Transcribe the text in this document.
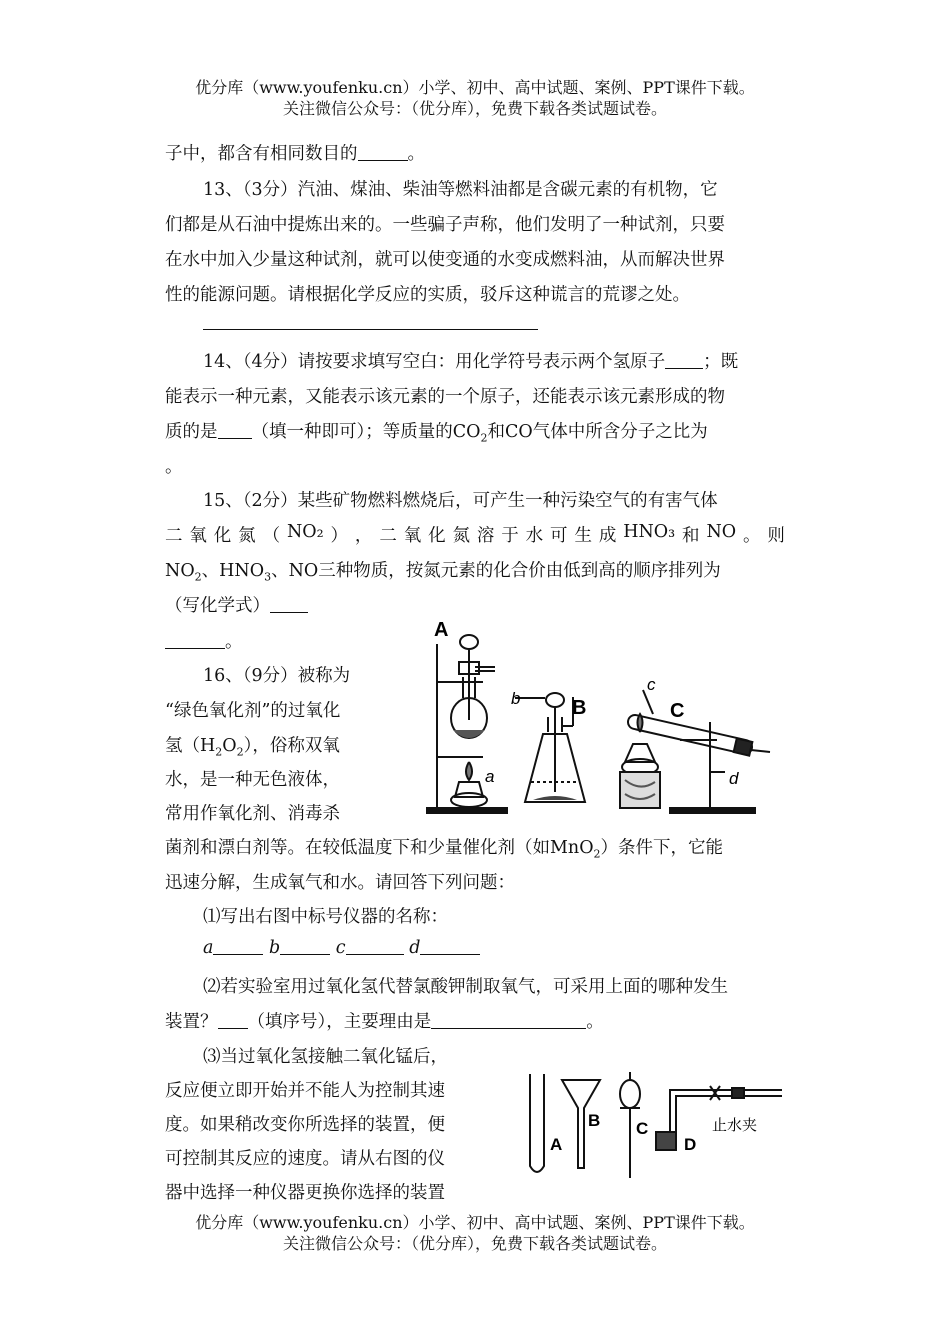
优分库（www.youfenku.cn）小学、初中、高中试题、案例、PPT课件下载。
关注微信公众号：（优分库），免费下载各类试题试卷。
子中，都含有相同数目的	。
13、（3分）汽油、煤油、柴油等燃料油都是含碳元素的有机物，它
们都是从石油中提炼出来的。一些骗子声称，他们发明了一种试剂，只要
在水中加入少量这种试剂，就可以使变通的水变成燃料油，从而解决世界
性的能源问题。请根据化学反应的实质，驳斥这种谎言的荒谬之处。
14、（4分）请按要求填写空白：用化学符号表示两个氢原子 ；既
能表示一种元素，又能表示该元素的一个原子，还能表示该元素形成的物
质的是 （填一种即可）；等质量的$CO_2$和CO气体中所含分子之比为
。
15、（2分）某些矿物燃料燃烧后，可产生一种污染空气的有害气体
二 氧 化 氮 （ NO₂ ） ， 二 氧 化 氮 溶 于 水 可 生 成 HNO₃ 和 NO 。 则
$NO_2$、$HNO_3$、NO三种物质，按氮元素的化合价由低到高的顺序排列为
（写化学式）
。
16、（9分）被称为
“绿色氧化剂”的过氧化
氢$(H_2O_2)$，俗称双氧
水，是一种无色液体，
常用作氧化剂、消毒杀
菌剂和漂白剂等。在较低温度下和少量催化剂（如MnO$_2$）条件下，它能
迅速分解，生成氧气和水。请回答下列问题：
⑴写出右图中标号仪器的名称：
a	b	c	d
⑵若实验室用过氧化氢代替氯酸钾制取氧气，可采用上面的哪种发生
装置？ （填序号），主要理由是	。
⑶当过氧化氢接触二氧化锰后，
反应便立即开始并不能人为控制其速
度。如果稍改变你所选择的装置，便
可控制其反应的速度。请从右图的仪
器中选择一种仪器更换你选择的装置
A
a
b	B
c
C
d
A
B C
D
止水夹
优分库（www.youfenku.cn）小学、初中、高中试题、案例、PPT课件下载。
关注微信公众号：（优分库），免费下载各类试题试卷。
